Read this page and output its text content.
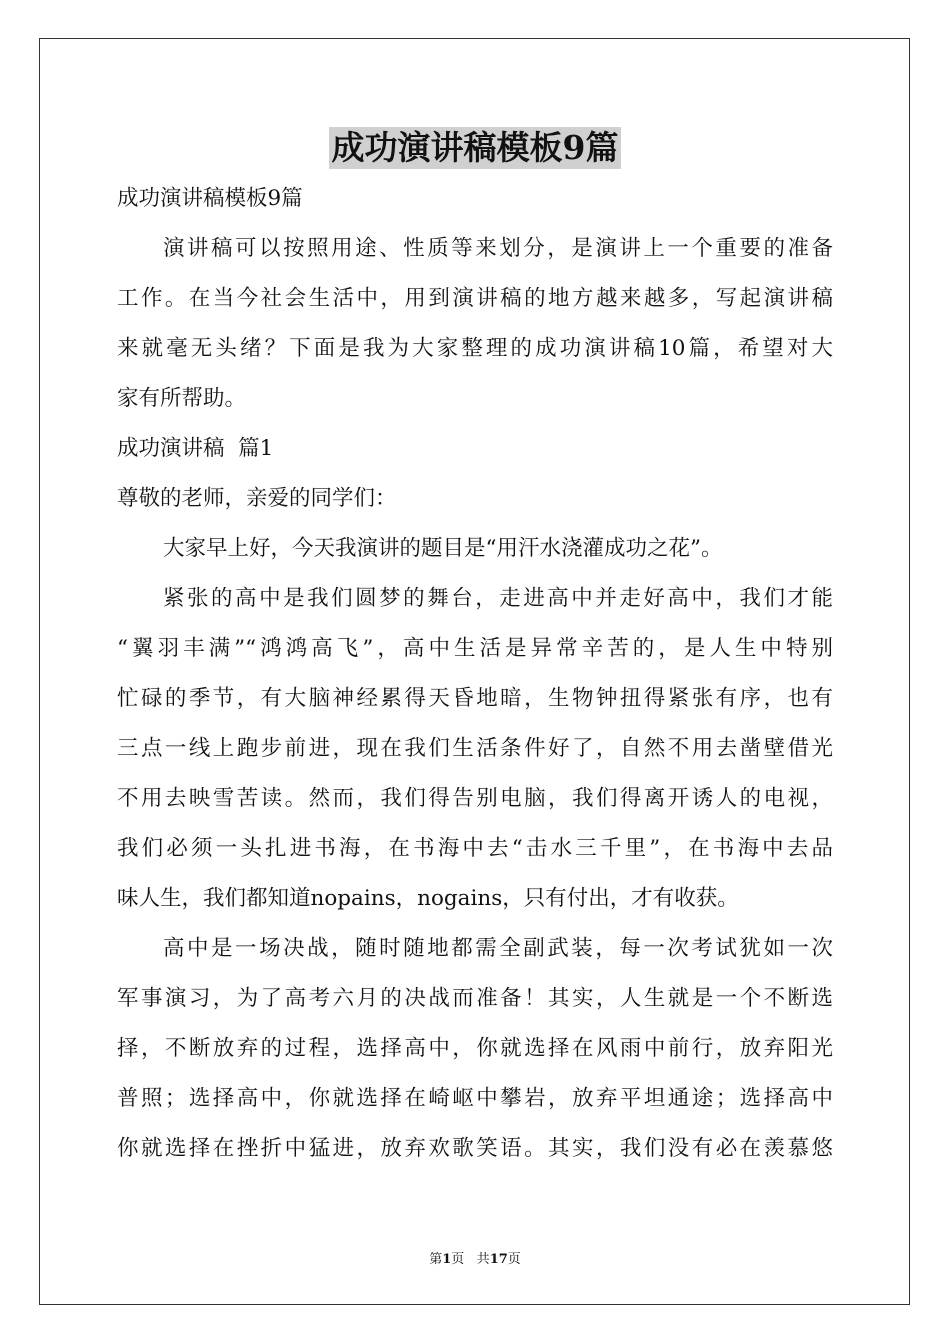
成功演讲稿模板9篇
成功演讲稿模板9篇
演讲稿可以按照用途、性质等来划分，是演讲上一个重要的准备
工作。在当今社会生活中，用到演讲稿的地方越来越多，写起演讲稿
来就毫无头绪？下面是我为大家整理的成功演讲稿10篇，希望对大
家有所帮助。
成功演讲稿  篇1
尊敬的老师，亲爱的同学们：
大家早上好，今天我演讲的题目是“用汗水浇灌成功之花”。
紧张的高中是我们圆梦的舞台，走进高中并走好高中，我们才能
“翼羽丰满”“鸿鸿高飞”，高中生活是异常辛苦的，是人生中特别
忙碌的季节，有大脑神经累得天昏地暗，生物钟扭得紧张有序，也有
三点一线上跑步前进，现在我们生活条件好了，自然不用去凿壁借光
不用去映雪苦读。然而，我们得告别电脑，我们得离开诱人的电视，
我们必须一头扎进书海，在书海中去“击水三千里”，在书海中去品
味人生，我们都知道nopains，nogains，只有付出，才有收获。
高中是一场决战，随时随地都需全副武装，每一次考试犹如一次
军事演习，为了高考六月的决战而准备！其实，人生就是一个不断选
择，不断放弃的过程，选择高中，你就选择在风雨中前行，放弃阳光
普照；选择高中，你就选择在崎岖中攀岩，放弃平坦通途；选择高中
你就选择在挫折中猛进，放弃欢歌笑语。其实，我们没有必在羡慕悠
第1页 共17页
